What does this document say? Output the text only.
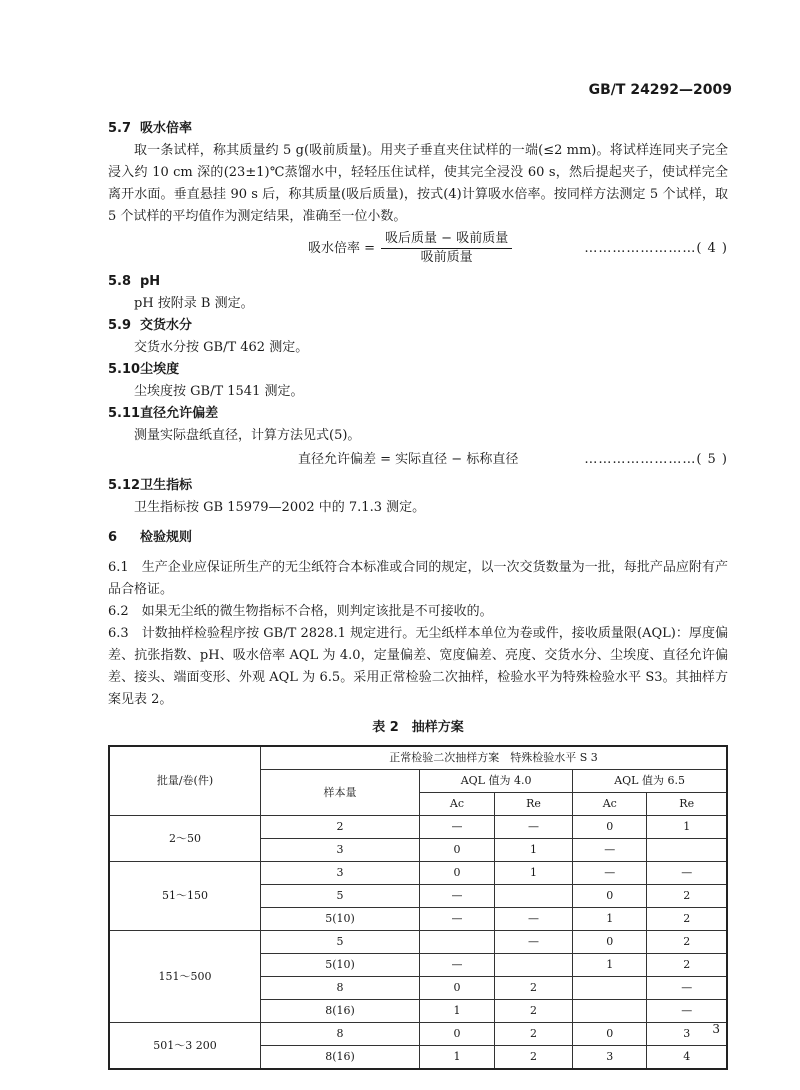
GB/T 24292—2009

5.7 吸水倍率

取一条试样，称其质量约 5 g(吸前质量)。用夹子垂直夹住试样的一端(≤2 mm)。将试样连同夹子完全浸入约 10 cm 深的(23±1)℃蒸馏水中，轻轻压住试样，使其完全浸没 60 s，然后提起夹子，使试样完全离开水面。垂直悬挂 90 s 后，称其质量(吸后质量)，按式(4)计算吸水倍率。按同样方法测定 5 个试样，取 5 个试样的平均值作为测定结果，准确至一位小数。

吸水倍率 = $\frac{\text{吸后质量 − 吸前质量}}{\text{吸前质量}}$	……………………( 4 )

5.8 pH

pH 按附录 B 测定。

5.9 交货水分

交货水分按 GB/T 462 测定。

5.10尘埃度

尘埃度按 GB/T 1541 测定。

5.11直径允许偏差

测量实际盘纸直径，计算方法见式(5)。

直径允许偏差 = 实际直径 − 标称直径	……………………( 5 )

5.12卫生指标

卫生指标按 GB 15979—2002 中的 7.1.3 测定。

6 检验规则

6.1　生产企业应保证所生产的无尘纸符合本标准或合同的规定，以一次交货数量为一批，每批产品应附有产品合格证。

6.2　如果无尘纸的微生物指标不合格，则判定该批是不可接收的。

6.3　计数抽样检验程序按 GB/T 2828.1 规定进行。无尘纸样本单位为卷或件，接收质量限(AQL)：厚度偏差、抗张指数、pH、吸水倍率 AQL 为 4.0，定量偏差、宽度偏差、亮度、交货水分、尘埃度、直径允许偏差、接头、端面变形、外观 AQL 为 6.5。采用正常检验二次抽样，检验水平为特殊检验水平 S3。其抽样方案见表 2。

表 2　抽样方案
批量/卷(件)	正常检验二次抽样方案　特殊检验水平 S 3				
	样本量	AQL 值为 4.0		AQL 值为 6.5	
		Ac	Re	Ac	Re
2～50	2	—	—	0	1
	3	0	1	—	
51～150	3	0	1	—	—
	5	—		0	2
	5(10)	—	—	1	2
151～500	5		—	0	2
	5(10)	—		1	2
	8	0	2		—
	8(16)	1	2		—
501～3 200	8	0	2	0	3
	8(16)	1	2	3	4
3
